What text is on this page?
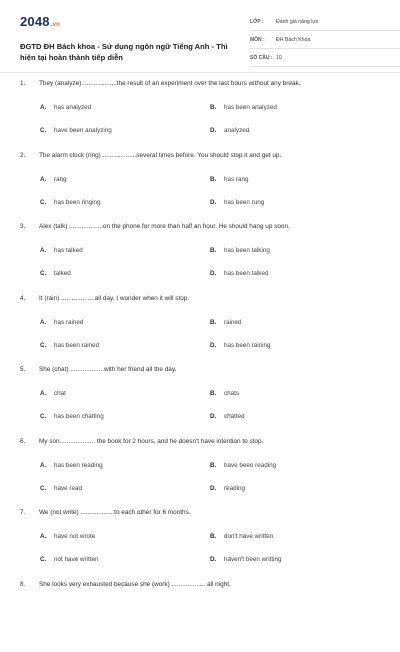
2048.vn
ĐGTD ĐH Bách khoa - Sử dụng ngôn ngữ Tiếng Anh - Thì hiện tại hoàn thành tiếp diễn
LỚP : Đánh giá năng lực
MÔN : ĐH Bách Khoa
SỐ CÂU : 10
1. They (analyze) ...................the result of an experiment over the last hours without any break.
A. has analyzed	B. has been analyzed
C. have been analyzing	D. analyzed
2. The alarm clock (ring) ...................several times before. You should stop it and get up.
A. rang	B. has rang
C. has been ringing	D. has been rung
3. Alex (talk) ...................on the phone for more than half an hour. He should hang up soon.
A. has talked	B. has been talking
C. talked	D. has been talked
4. It (rain) ...................all day. I wonder when it will stop.
A. has rained	B. rained
C. has been rained	D. has been raining
5. She (chat) ...................with her friend all the day.
A. chat	B. chats
C. has been chatting	D. chatted
6. My son.................... the book for 2 hours, and he doesn't have intention to stop.
A. has been reading	B. have been reading
C. have read	D. reading
7. We (not write) ...................to each other for 6 months.
A. have not wrote	B. don't have written
C. not have written	D. haven't been writting
8. She looks very exhausted because she (work) ................... all night.
